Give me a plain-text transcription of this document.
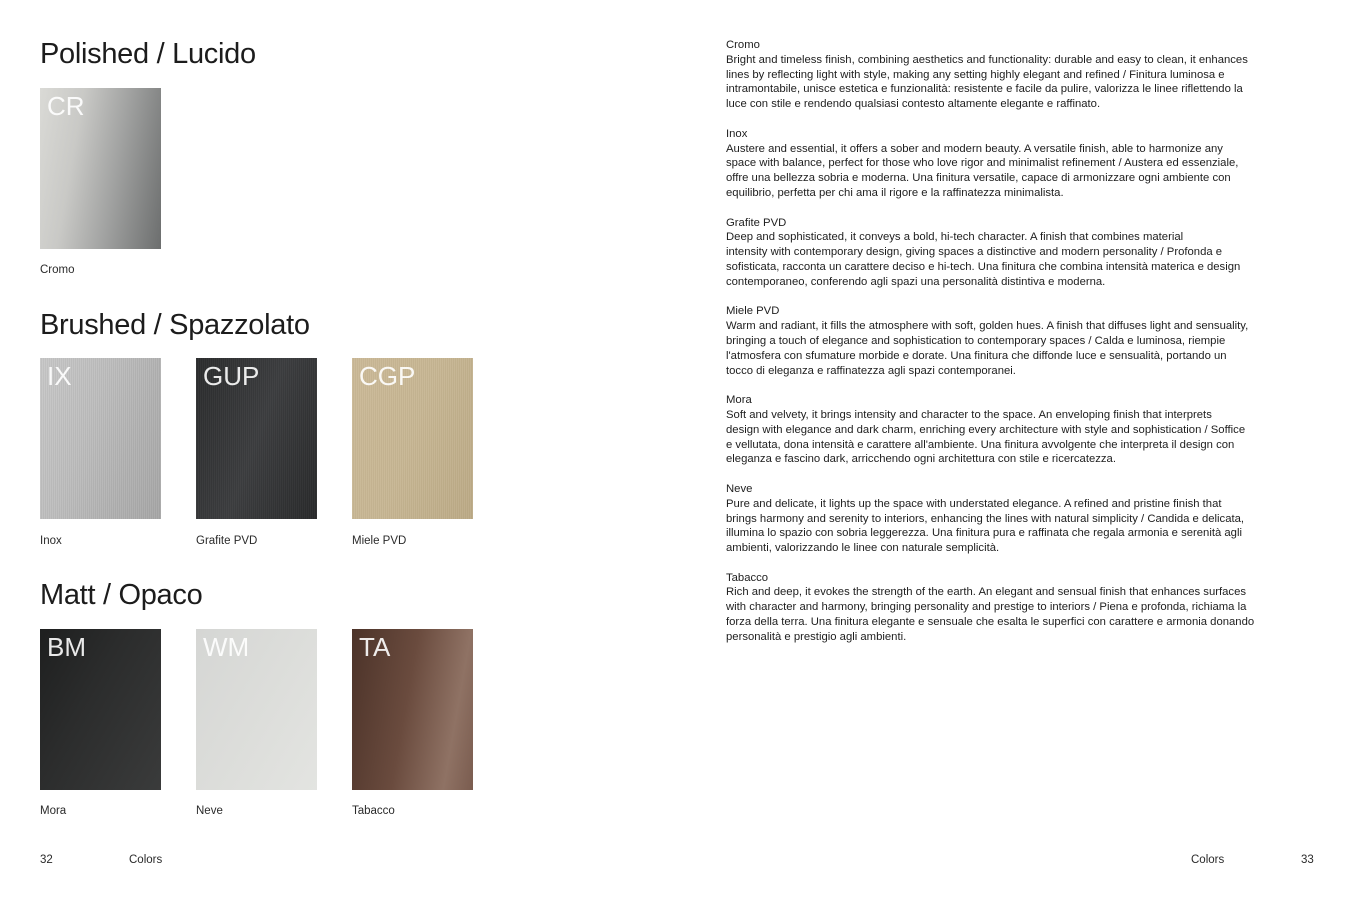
Polished / Lucido
CR
Cromo
Brushed / Spazzolato
IX
Inox
GUP
Grafite PVD
CGP
Miele PVD
Matt / Opaco
BM
Mora
WM
Neve
TA
Tabacco

Cromo

Bright and timeless finish, combining aesthetics and functionality: durable and easy to clean, it enhances

lines by reflecting light with style, making any setting highly elegant and refined / Finitura luminosa e

intramontabile, unisce estetica e funzionalità: resistente e facile da pulire, valorizza le linee riflettendo la

luce con stile e rendendo qualsiasi contesto altamente elegante e raffinato.

Inox

Austere and essential, it offers a sober and modern beauty. A versatile finish, able to harmonize any

space with balance, perfect for those who love rigor and minimalist refinement / Austera ed essenziale,

offre una bellezza sobria e moderna. Una finitura versatile, capace di armonizzare ogni ambiente con

equilibrio, perfetta per chi ama il rigore e la raffinatezza minimalista.

Grafite PVD

Deep and sophisticated, it conveys a bold, hi-tech character. A finish that combines material

intensity with contemporary design, giving spaces a distinctive and modern personality / Profonda e

sofisticata, racconta un carattere deciso e hi-tech. Una finitura che combina intensità materica e design

contemporaneo, conferendo agli spazi una personalità distintiva e moderna.

Miele PVD

Warm and radiant, it fills the atmosphere with soft, golden hues. A finish that diffuses light and sensuality,

bringing a touch of elegance and sophistication to contemporary spaces / Calda e luminosa, riempie

l'atmosfera con sfumature morbide e dorate. Una finitura che diffonde luce e sensualità, portando un

tocco di eleganza e raffinatezza agli spazi contemporanei.

Mora

Soft and velvety, it brings intensity and character to the space. An enveloping finish that interprets

design with elegance and dark charm, enriching every architecture with style and sophistication / Soffice

e vellutata, dona intensità e carattere all'ambiente. Una finitura avvolgente che interpreta il design con

eleganza e fascino dark, arricchendo ogni architettura con stile e ricercatezza.

Neve

Pure and delicate, it lights up the space with understated elegance. A refined and pristine finish that

brings harmony and serenity to interiors, enhancing the lines with natural simplicity / Candida e delicata,

illumina lo spazio con sobria leggerezza. Una finitura pura e raffinata che regala armonia e serenità agli

ambienti, valorizzando le linee con naturale semplicità.

Tabacco

Rich and deep, it evokes the strength of the earth. An elegant and sensual finish that enhances surfaces

with character and harmony, bringing personality and prestige to interiors / Piena e profonda, richiama la

forza della terra. Una finitura elegante e sensuale che esalta le superfici con carattere e armonia donando

personalità e prestigio agli ambienti.

32	Colors	Colors	33
